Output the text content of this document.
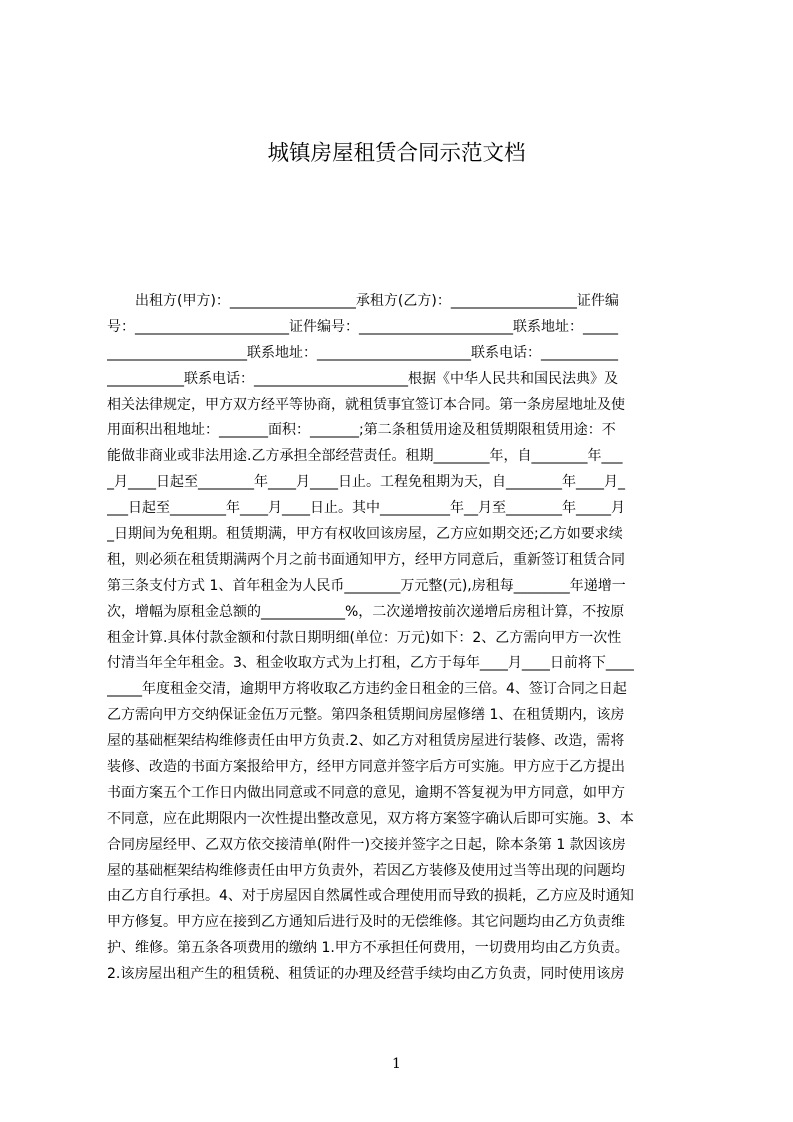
城镇房屋租赁合同示范文档
　　出租方(甲方)：__________________承租方(乙方)：__________________证件编
号：______________________证件编号：______________________联系地址：_____
____________________联系地址：______________________联系电话：___________
___________联系电话：______________________根据《中华人民共和国民法典》及
相关法律规定，甲方双方经平等协商，就租赁事宜签订本合同。第一条房屋地址及使
用面积出租地址：_______面积：_______;第二条租赁用途及租赁期限租赁用途：不
能做非商业或非法用途.乙方承担全部经营责任。租期________年，自________年___
_月____日起至________年____月____日止。工程免租期为天，自________年____月_
___日起至________年____月____日止。其中__________年__月至________年_____月
_日期间为免租期。租赁期满，甲方有权收回该房屋，乙方应如期交还;乙方如要求续
租，则必须在租赁期满两个月之前书面通知甲方，经甲方同意后，重新签订租赁合同
第三条支付方式 1、首年租金为人民币________万元整(元),房租每________年递增一
次，增幅为原租金总额的____________%，二次递增按前次递增后房租计算，不按原
租金计算.具体付款金额和付款日期明细(单位：万元)如下：2、乙方需向甲方一次性
付清当年全年租金。3、租金收取方式为上打租，乙方于每年____月____日前将下____
_____年度租金交清，逾期甲方将收取乙方违约金日租金的三倍。4、签订合同之日起
乙方需向甲方交纳保证金伍万元整。第四条租赁期间房屋修缮 1、在租赁期内，该房
屋的基础框架结构维修责任由甲方负责.2、如乙方对租赁房屋进行装修、改造，需将
装修、改造的书面方案报给甲方，经甲方同意并签字后方可实施。甲方应于乙方提出
书面方案五个工作日内做出同意或不同意的意见，逾期不答复视为甲方同意，如甲方
不同意，应在此期限内一次性提出整改意见，双方将方案签字确认后即可实施。3、本
合同房屋经甲、乙双方依交接清单(附件一)交接并签字之日起，除本条第 1 款因该房
屋的基础框架结构维修责任由甲方负责外，若因乙方装修及使用过当等出现的问题均
由乙方自行承担。4、对于房屋因自然属性或合理使用而导致的损耗，乙方应及时通知
甲方修复。甲方应在接到乙方通知后进行及时的无偿维修。其它问题均由乙方负责维
护、维修。第五条各项费用的缴纳 1.甲方不承担任何费用，一切费用均由乙方负责。
2.该房屋出租产生的租赁税、租赁证的办理及经营手续均由乙方负责，同时使用该房
1
